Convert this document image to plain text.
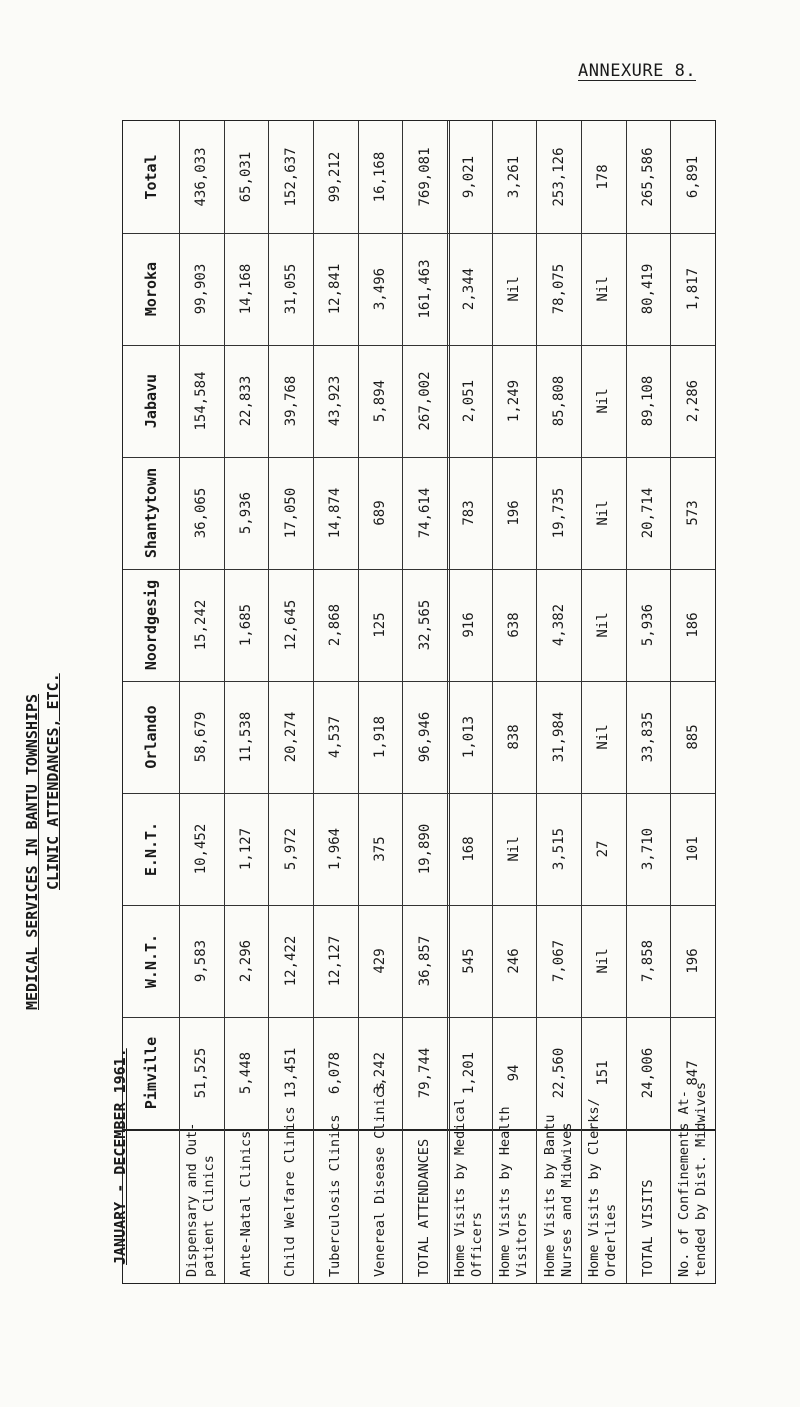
ANNEXURE 8.
MEDICAL SERVICES IN BANTU TOWNSHIPS CLINIC ATTENDANCES, ETC.
JANUARY - DECEMBER 1961. Pimville
W.N.T.
E.N.T.
Orlando
Noordgesig
Shantytown
Jabavu
Moroka
Total
51,525
9,583
10,452
58,679
15,242
36,065
154,584
99,903
436,033
Dispensary and Out- patient Clinics
5,448
2,296
1,127
11,538
1,685
5,936
22,833
14,168
65,031
Ante-Natal Clinics
13,451
12,422
5,972
20,274
12,645
17,050
39,768
31,055
152,637
Child Welfare Clinics
6,078
12,127
1,964
4,537
2,868
14,874
43,923
12,841
99,212
Tuberculosis Clinics
3,242
429
375
1,918
125
689
5,894
3,496
16,168
Venereal Disease Clinics
79,744
36,857
19,890
96,946
32,565
74,614
267,002
161,463
769,081
TOTAL ATTENDANCES
1,201
545
168
1,013
916
783
2,051
2,344
9,021
Home Visits by Medical Officers
94
246
Nil
838
638
196
1,249
Nil
3,261
Home Visits by Health Visitors
22,560
7,067
3,515
31,984
4,382
19,735
85,808
78,075
253,126
Home Visits by Bantu Nurses and Midwives
151
Nil
27
Nil
Nil
Nil
Nil
Nil
178
Home Visits by Clerks/ Orderlies
24,006
7,858
3,710
33,835
5,936
20,714
89,108
80,419
265,586
TOTAL VISITS
847
196
101
885
186
573
2,286
1,817
6,891
No. of Confinements At- tended by Dist. Midwives
